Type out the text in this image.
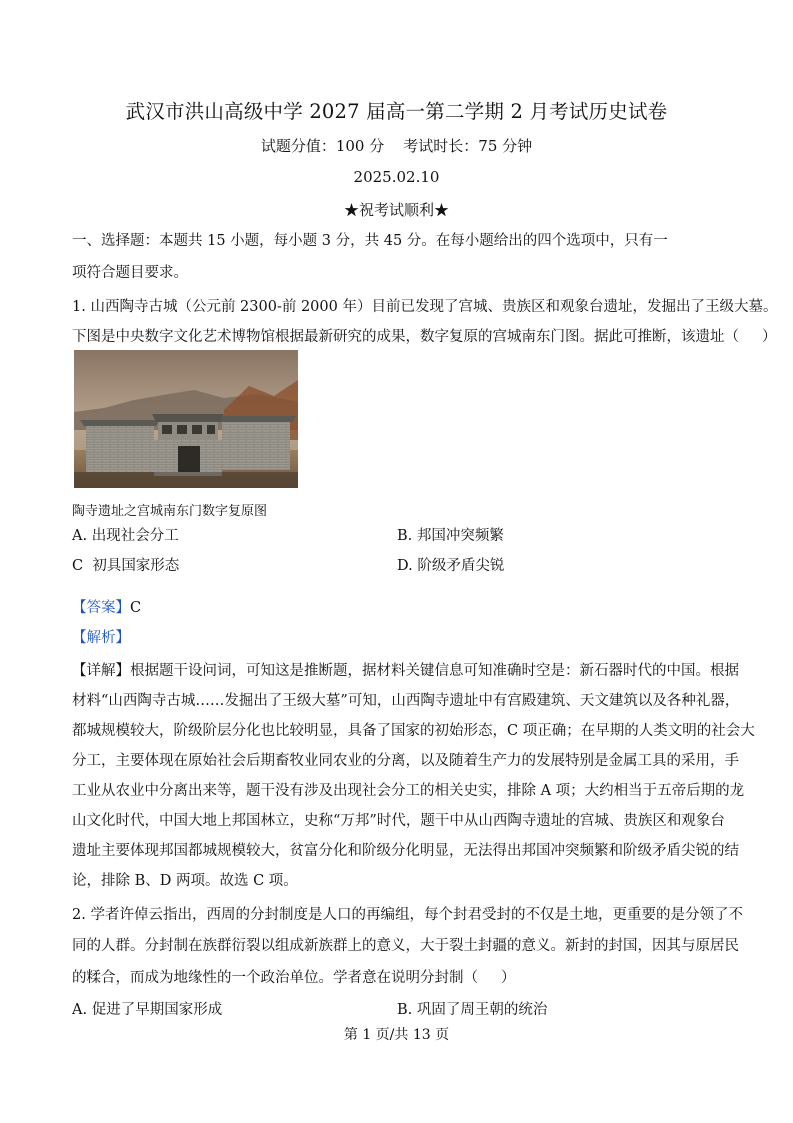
武汉市洪山高级中学 2027 届高一第二学期 2 月考试历史试卷
试题分值：100 分    考试时长：75 分钟
2025.02.10
★祝考试顺利★
一、选择题：本题共 15 小题，每小题 3 分，共 45 分。在每小题给出的四个选项中，只有一
项符合题目要求。
1. 山西陶寺古城（公元前 2300-前 2000 年）目前已发现了宫城、贵族区和观象台遗址，发掘出了王级大墓。
下图是中央数字文化艺术博物馆根据最新研究的成果，数字复原的宫城南东门图。据此可推断，该遗址（     ）
陶寺遗址之宫城南东门数字复原图
A. 出现社会分工	B. 邦国冲突频繁
C  初具国家形态	D. 阶级矛盾尖锐
【答案】C
【解析】
【详解】根据题干设问词，可知这是推断题，据材料关键信息可知准确时空是：新石器时代的中国。根据
材料“山西陶寺古城……发掘出了王级大墓”可知，山西陶寺遗址中有宫殿建筑、天文建筑以及各种礼器，
都城规模较大，阶级阶层分化也比较明显，具备了国家的初始形态，C 项正确；在早期的人类文明的社会大
分工，主要体现在原始社会后期畜牧业同农业的分离，以及随着生产力的发展特别是金属工具的采用，手
工业从农业中分离出来等，题干没有涉及出现社会分工的相关史实，排除 A 项；大约相当于五帝后期的龙
山文化时代，中国大地上邦国林立，史称“万邦”时代，题干中从山西陶寺遗址的宫城、贵族区和观象台
遗址主要体现邦国都城规模较大，贫富分化和阶级分化明显，无法得出邦国冲突频繁和阶级矛盾尖锐的结
论，排除 B、D 两项。故选 C 项。
2. 学者许倬云指出，西周的分封制度是人口的再编组，每个封君受封的不仅是土地，更重要的是分领了不
同的人群。分封制在族群衍裂以组成新族群上的意义，大于裂土封疆的意义。新封的封国，因其与原居民
的糅合，而成为地缘性的一个政治单位。学者意在说明分封制（     ）
A. 促进了早期国家形成	B. 巩固了周王朝的统治
第 1 页/共 13 页
